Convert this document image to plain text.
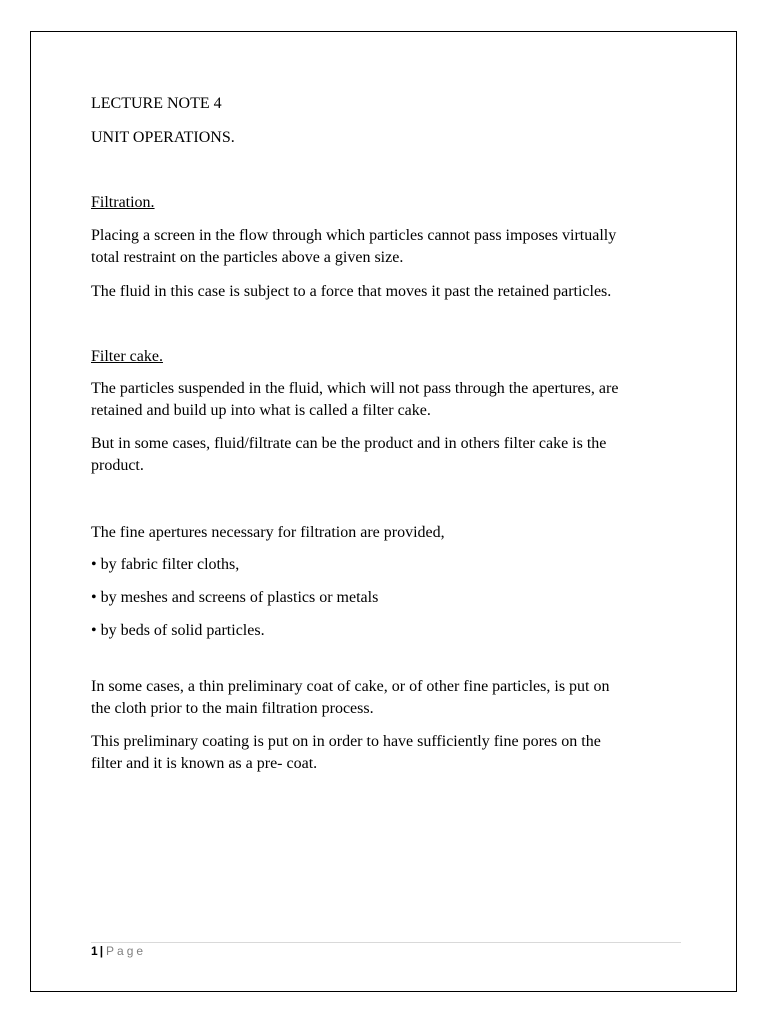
LECTURE NOTE 4

UNIT OPERATIONS.

Filtration.

Placing a screen in the flow through which particles cannot pass imposes virtually

total restraint on the particles above a given size.

The fluid in this case is subject to a force that moves it past the retained particles.

Filter cake.

The particles suspended in the fluid, which will not pass through the apertures, are

retained and build up into what is called a filter cake.

But in some cases, fluid/filtrate can be the product and in others filter cake is the

product.

The fine apertures necessary for filtration are provided,

• by fabric filter cloths,

• by meshes and screens of plastics or metals

• by beds of solid particles.

In some cases, a thin preliminary coat of cake, or of other fine particles, is put on

the cloth prior to the main filtration process.

This preliminary coating is put on in order to have sufficiently fine pores on the

filter and it is known as a pre- coat.

1 | Page
